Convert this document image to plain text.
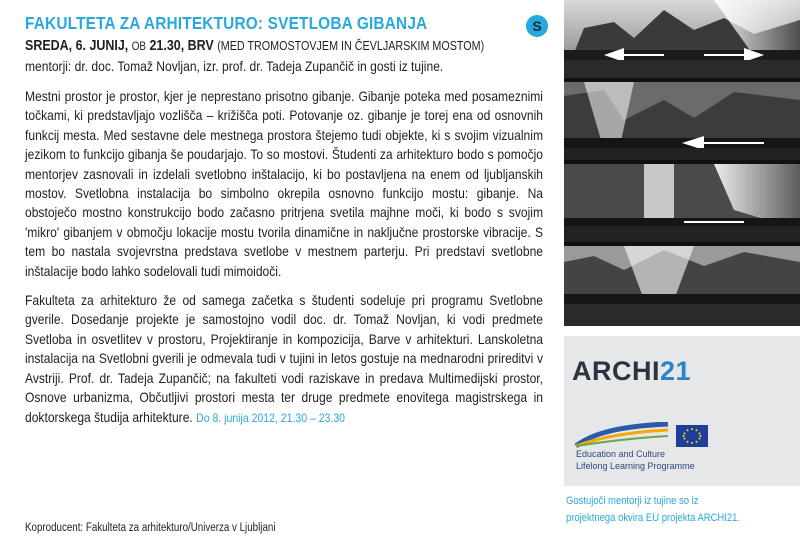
FAKULTETA ZA ARHITEKTURO: SVETLOBA GIBANJA
SREDA, 6. JUNIJ, OB 21.30, BRV (MED TROMOSTOVJEM IN ČEVLJARSKIM MOSTOM)
mentorji: dr. doc. Tomaž Novljan, izr. prof. dr. Tadeja Zupančič in gosti iz tujine.

Mestni prostor je prostor, kjer je neprestano prisotno gibanje. Gibanje poteka med posameznimi točkami, ki predstavljajo vozlišča – križišča poti. Potovanje oz. gibanje je torej ena od osnovnih funkcij mesta. Med sestavne dele mestnega prostora štejemo tudi objekte, ki s svojim vizualnim jezikom to funkcijo gibanja še poudarjajo. To so mostovi. Študenti za arhitekturo bodo s pomočjo mentorjev zasnovali in izdelali svetlobno inštalacijo, ki bo postavljena na enem od ljubljanskih mostov. Svetlobna instalacija bo simbolno okrepila osnovno funkcijo mostu: gibanje. Na obstoječo mostno konstrukcijo bodo začasno pritrjena svetila majhne moči, ki bodo s svojim 'mikro' gibanjem v območju lokacije mostu tvorila dinamične in naključne prostorske vibracije. S tem bo nastala svojevrstna predstava svetlobe v mestnem parterju. Pri predstavi svetlobne inštalacije bodo lahko sodelovali tudi mimoidoči.

Fakulteta za arhitekturo že od samega začetka s študenti sodeluje pri programu Svetlobne gverile. Dosedanje projekte je samostojno vodil doc. dr. Tomaž Novljan, ki vodi predmete Svetloba in osvetlitev v prostoru, Projektiranje in kompozicija, Barve v arhitekturi. Lanskoletna instalacija na Svetlobni gverili je odmevala tudi v tujini in letos gostuje na mednarodni prireditvi v Avstriji. Prof. dr. Tadeja Zupančič; na fakulteti vodi raziskave in predava Multimedijski prostor, Osnove urbanizma, Občutljivi prostori mesta ter druge predmete enovitega magistrskega in doktorskega študija arhitekture. Do 8. junija 2012, 21.30 – 23.30

Koproducent: Fakulteta za arhitekturo/Univerza v Ljubljani
S
ARCHI21
Education and Culture
Lifelong Learning Programme
Gostujoči mentorji iz tujine so iz
projektnega okvira EU projekta ARCHI21.
